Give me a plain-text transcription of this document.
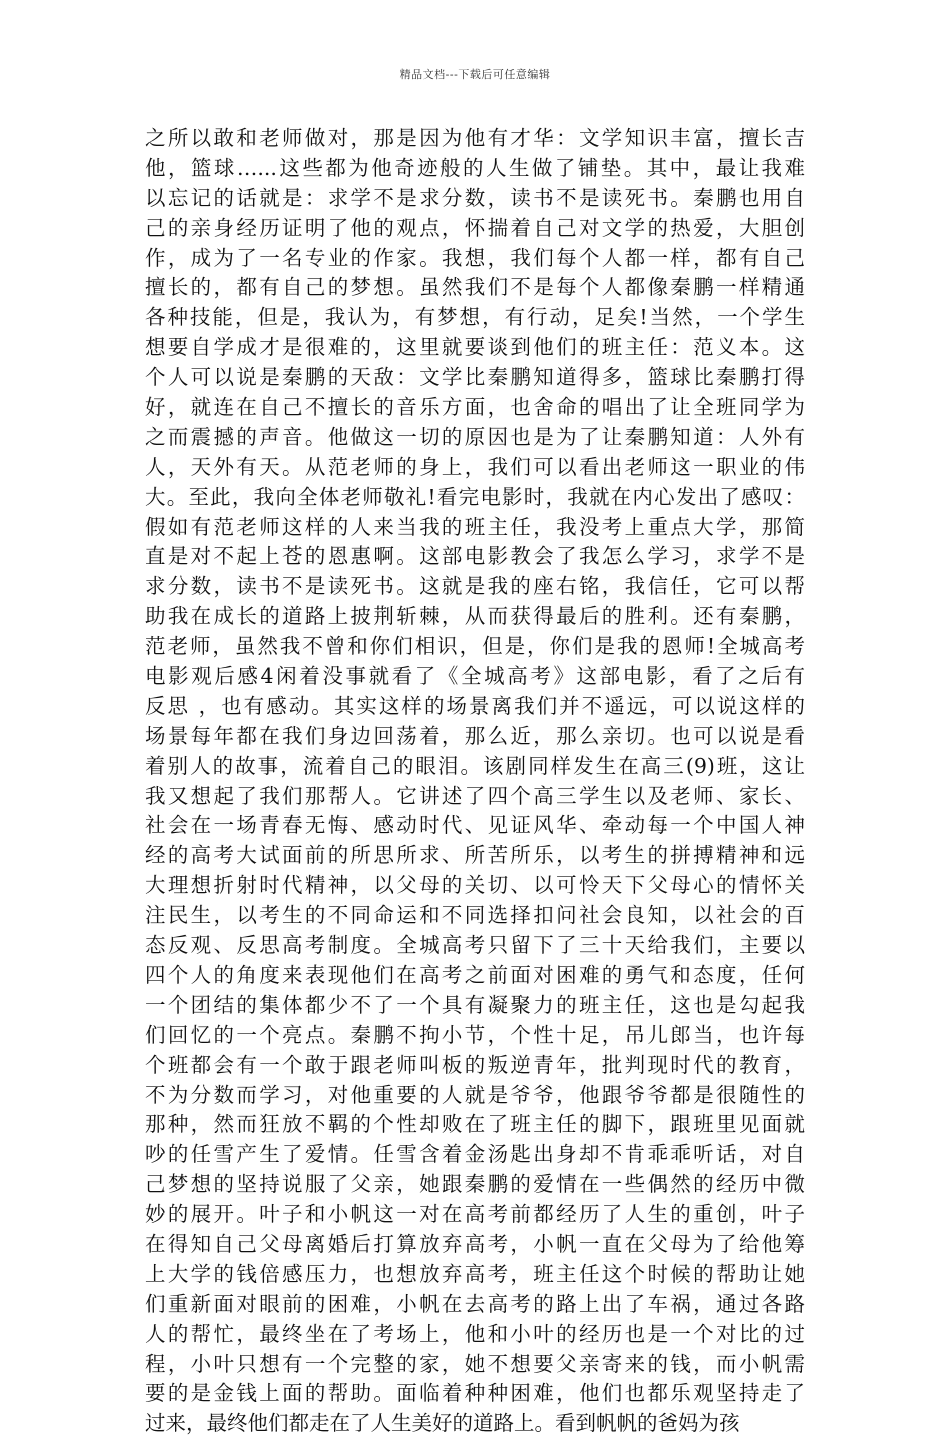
精品文档---下载后可任意编辑
之所以敢和老师做对，那是因为他有才华：文学知识丰富，擅长吉
他，篮球…...这些都为他奇迹般的人生做了铺垫。其中，最让我难
以忘记的话就是：求学不是求分数，读书不是读死书。秦鹏也用自
己的亲身经历证明了他的观点，怀揣着自己对文学的热爱，大胆创
作，成为了一名专业的作家。我想，我们每个人都一样，都有自己
擅长的，都有自己的梦想。虽然我们不是每个人都像秦鹏一样精通
各种技能，但是，我认为，有梦想，有行动，足矣!当然，一个学生
想要自学成才是很难的，这里就要谈到他们的班主任：范义本。这
个人可以说是秦鹏的天敌：文学比秦鹏知道得多，篮球比秦鹏打得
好，就连在自己不擅长的音乐方面，也舍命的唱出了让全班同学为
之而震撼的声音。他做这一切的原因也是为了让秦鹏知道：人外有
人，天外有天。从范老师的身上，我们可以看出老师这一职业的伟
大。至此，我向全体老师敬礼!看完电影时，我就在内心发出了感叹：
假如有范老师这样的人来当我的班主任，我没考上重点大学，那简
直是对不起上苍的恩惠啊。这部电影教会了我怎么学习，求学不是
求分数，读书不是读死书。这就是我的座右铭，我信任，它可以帮
助我在成长的道路上披荆斩棘，从而获得最后的胜利。还有秦鹏，
范老师，虽然我不曾和你们相识，但是，你们是我的恩师!全城高考
电影观后感4闲着没事就看了《全城高考》这部电影，看了之后有
反思 ，也有感动。其实这样的场景离我们并不遥远，可以说这样的
场景每年都在我们身边回荡着，那么近，那么亲切。也可以说是看
着别人的故事，流着自己的眼泪。该剧同样发生在高三(9)班，这让
我又想起了我们那帮人。它讲述了四个高三学生以及老师、家长、
社会在一场青春无悔、感动时代、见证风华、牵动每一个中国人神
经的高考大试面前的所思所求、所苦所乐，以考生的拼搏精神和远
大理想折射时代精神，以父母的关切、以可怜天下父母心的情怀关
注民生，以考生的不同命运和不同选择扣问社会良知，以社会的百
态反观、反思高考制度。全城高考只留下了三十天给我们，主要以
四个人的角度来表现他们在高考之前面对困难的勇气和态度，任何
一个团结的集体都少不了一个具有凝聚力的班主任，这也是勾起我
们回忆的一个亮点。秦鹏不拘小节，个性十足，吊儿郎当，也许每
个班都会有一个敢于跟老师叫板的叛逆青年，批判现时代的教育，
不为分数而学习，对他重要的人就是爷爷，他跟爷爷都是很随性的
那种，然而狂放不羁的个性却败在了班主任的脚下，跟班里见面就
吵的任雪产生了爱情。任雪含着金汤匙出身却不肯乖乖听话，对自
己梦想的坚持说服了父亲，她跟秦鹏的爱情在一些偶然的经历中微
妙的展开。叶子和小帆这一对在高考前都经历了人生的重创，叶子
在得知自己父母离婚后打算放弃高考，小帆一直在父母为了给他筹
上大学的钱倍感压力，也想放弃高考，班主任这个时候的帮助让她
们重新面对眼前的困难，小帆在去高考的路上出了车祸，通过各路
人的帮忙，最终坐在了考场上，他和小叶的经历也是一个对比的过
程，小叶只想有一个完整的家，她不想要父亲寄来的钱，而小帆需
要的是金钱上面的帮助。面临着种种困难，他们也都乐观坚持走了
过来，最终他们都走在了人生美好的道路上。看到帆帆的爸妈为孩
